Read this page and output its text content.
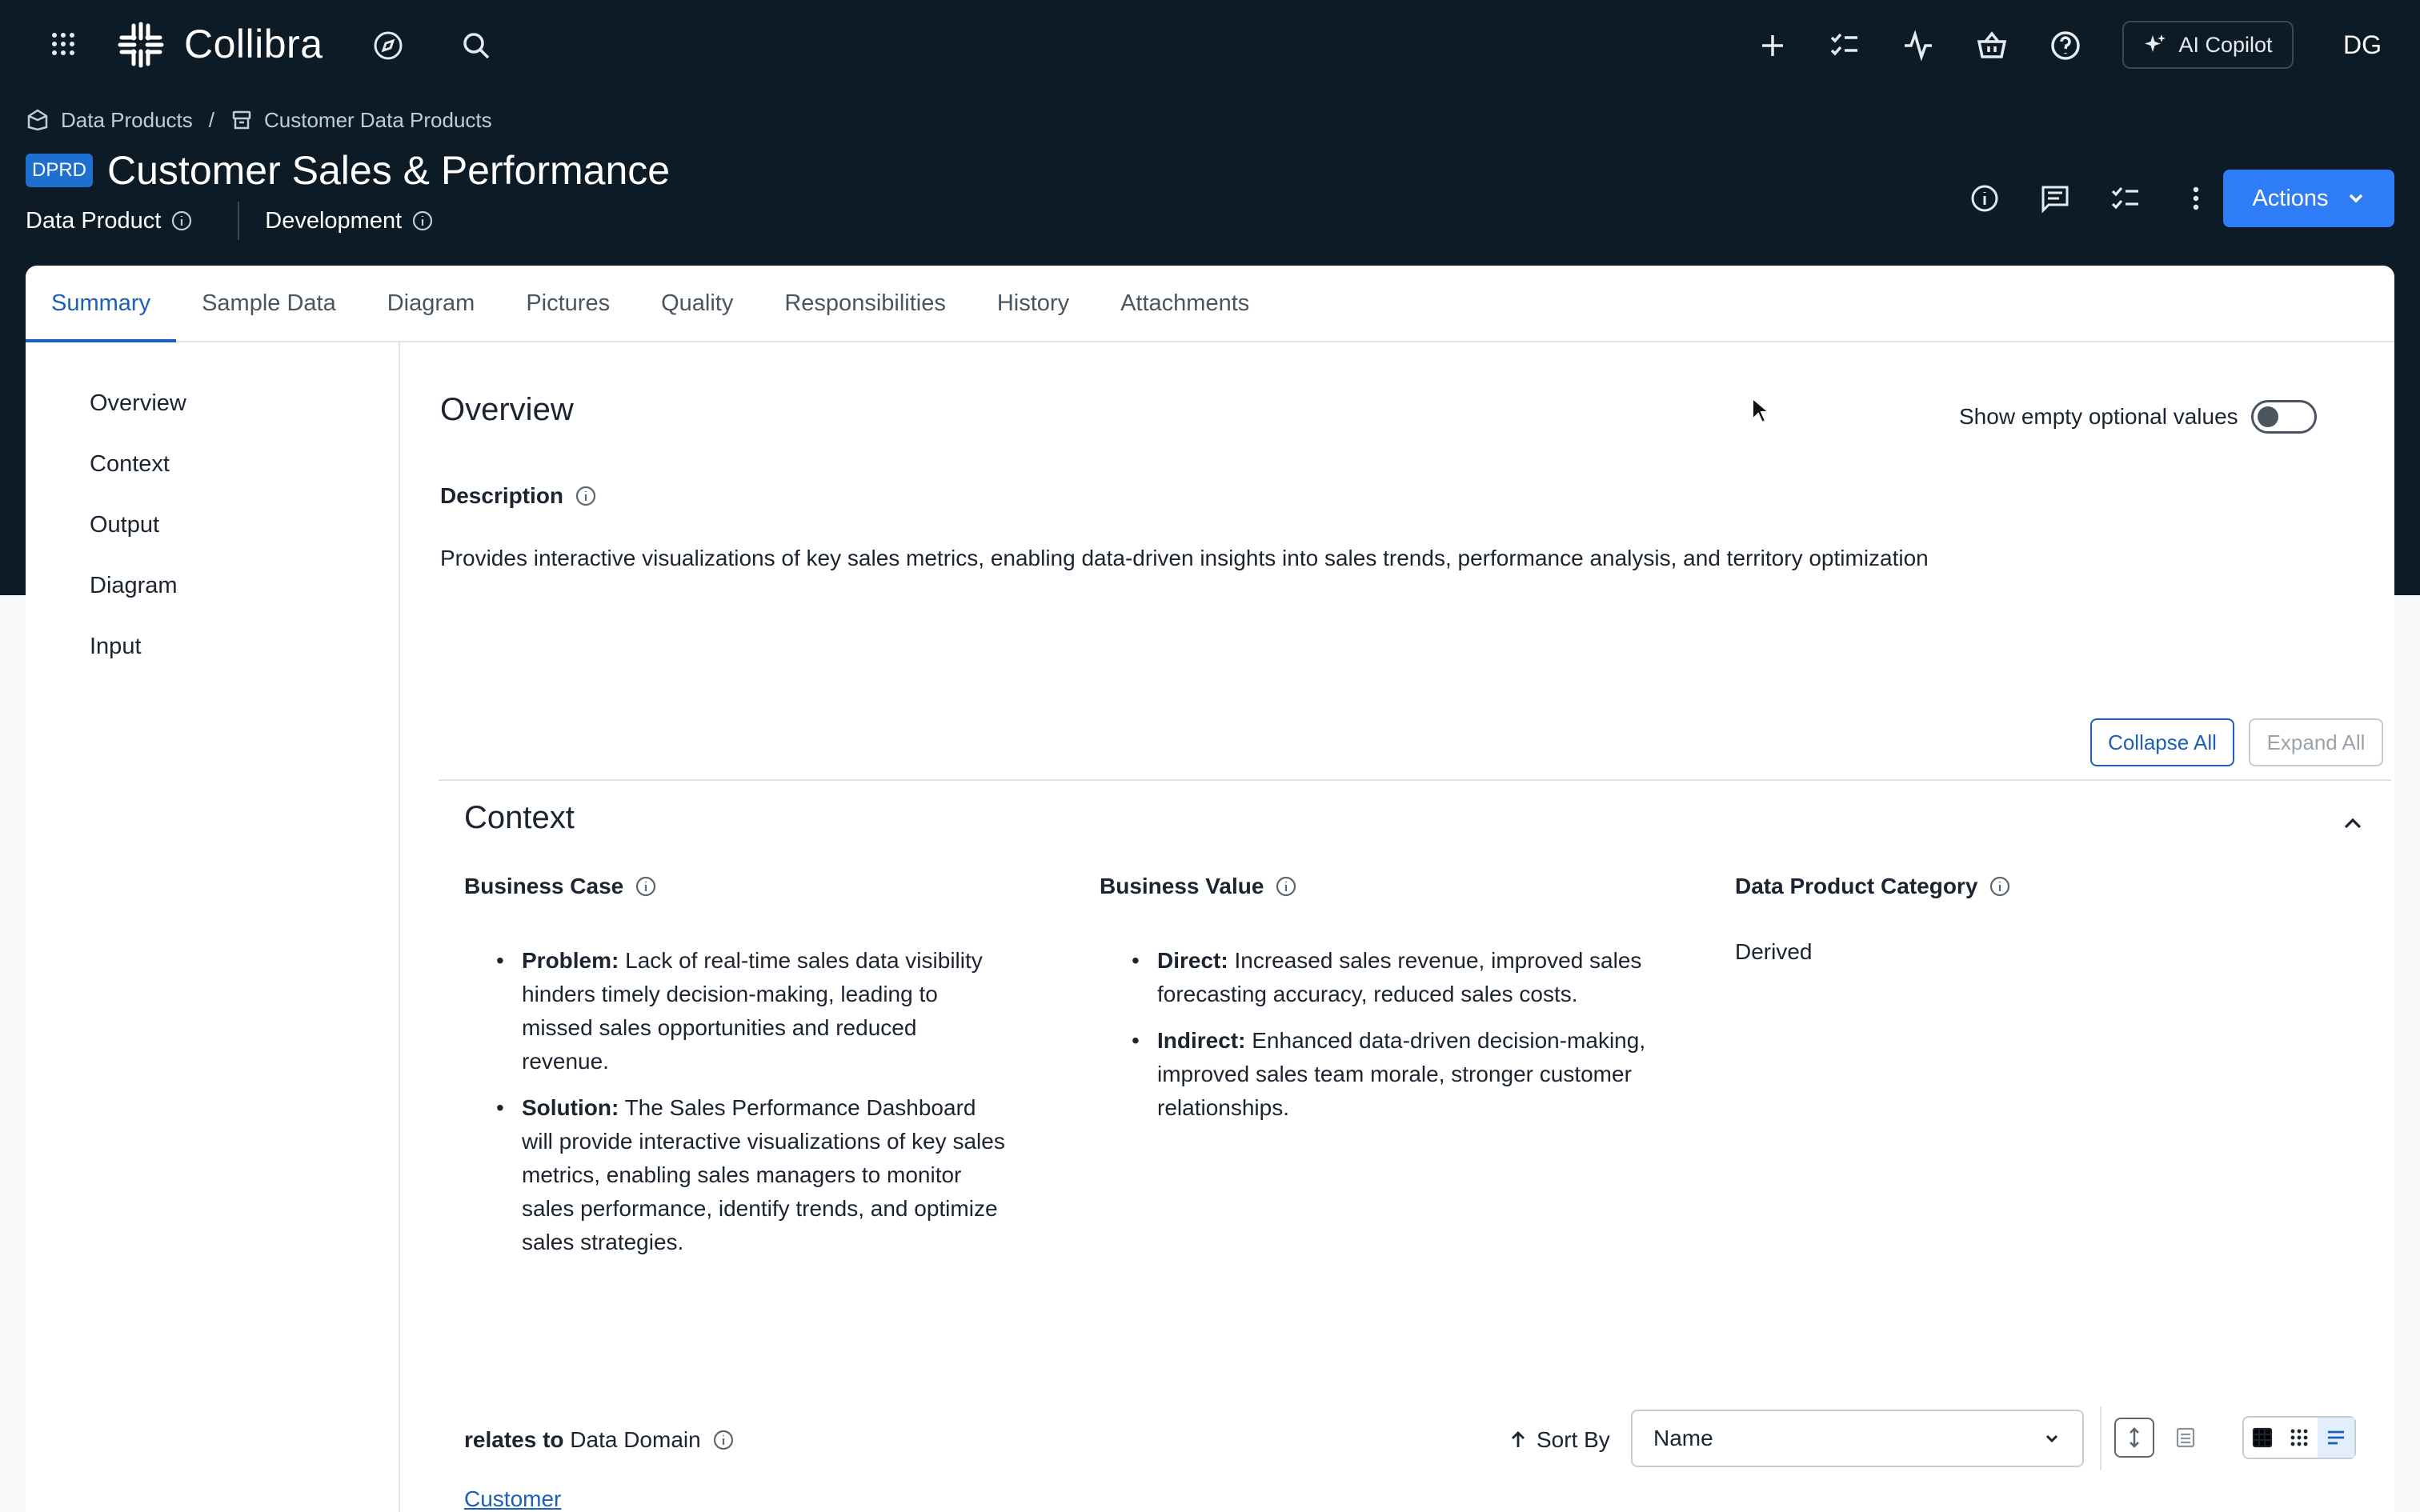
Collibra	AI Copilot	DG
Data Products / Customer Data Products
DPRD Customer Sales & Performance
Data Product	Development
Actions
Summary	Sample Data	Diagram	Pictures	Quality	Responsibilities	History	Attachments
Overview
Context
Output
Diagram
Input
Overview	Show empty optional values
Description
Provides interactive visualizations of key sales metrics, enabling data-driven insights into sales trends, performance analysis, and territory optimization
Collapse All	Expand All
Context
Business Case
• Problem: Lack of real-time sales data visibility hinders timely decision-making, leading to missed sales opportunities and reduced revenue.
• Solution: The Sales Performance Dashboard will provide interactive visualizations of key sales metrics, enabling sales managers to monitor sales performance, identify trends, and optimize sales strategies.
Business Value
• Direct: Increased sales revenue, improved sales forecasting accuracy, reduced sales costs.
• Indirect: Enhanced data-driven decision-making, improved sales team morale, stronger customer relationships.
Data Product Category
Derived
relates to Data Domain	Sort By Name
Customer
